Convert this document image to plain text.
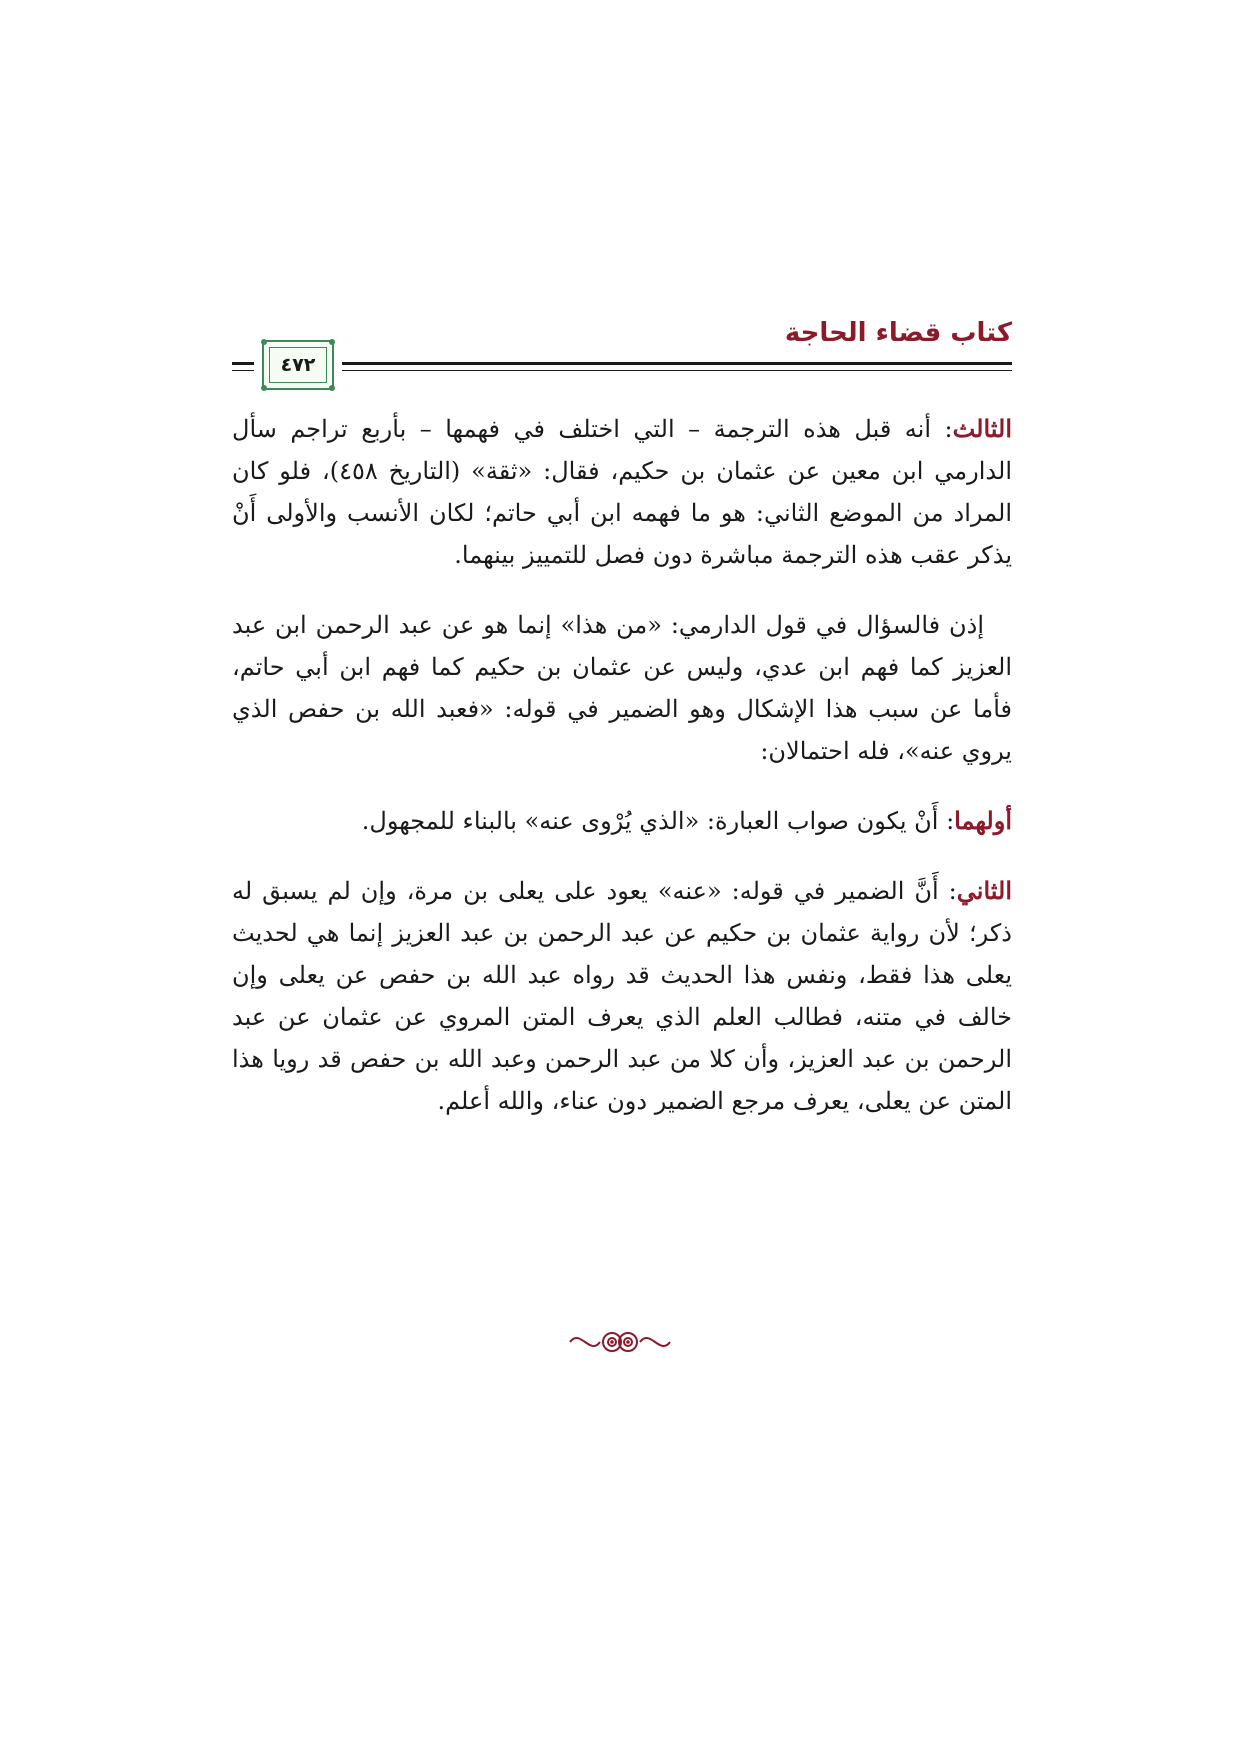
كتاب قضاء الحاجة
٤٧٢

الثالث: أنه قبل هذه الترجمة – التي اختلف في فهمها – بأربع تراجم سأل الدارمي ابن معين عن عثمان بن حكيم، فقال: «ثقة» (التاريخ ٤٥٨)، فلو كان المراد من الموضع الثاني: هو ما فهمه ابن أبي حاتم؛ لكان الأنسب والأولى أَنْ يذكر عقب هذه الترجمة مباشرة دون فصل للتمييز بينهما.

إذن فالسؤال في قول الدارمي: «من هذا» إنما هو عن عبد الرحمن ابن عبد العزيز كما فهم ابن عدي، وليس عن عثمان بن حكيم كما فهم ابن أبي حاتم، فأما عن سبب هذا الإشكال وهو الضمير في قوله: «فعبد الله بن حفص الذي يروي عنه»، فله احتمالان:

أولهما: أَنْ يكون صواب العبارة: «الذي يُرْوى عنه» بالبناء للمجهول.

الثاني: أَنَّ الضمير في قوله: «عنه» يعود على يعلى بن مرة، وإن لم يسبق له ذكر؛ لأن رواية عثمان بن حكيم عن عبد الرحمن بن عبد العزيز إنما هي لحديث يعلى هذا فقط، ونفس هذا الحديث قد رواه عبد الله بن حفص عن يعلى وإن خالف في متنه، فطالب العلم الذي يعرف المتن المروي عن عثمان عن عبد الرحمن بن عبد العزيز، وأن كلا من عبد الرحمن وعبد الله بن حفص قد رويا هذا المتن عن يعلى، يعرف مرجع الضمير دون عناء، والله أعلم.
